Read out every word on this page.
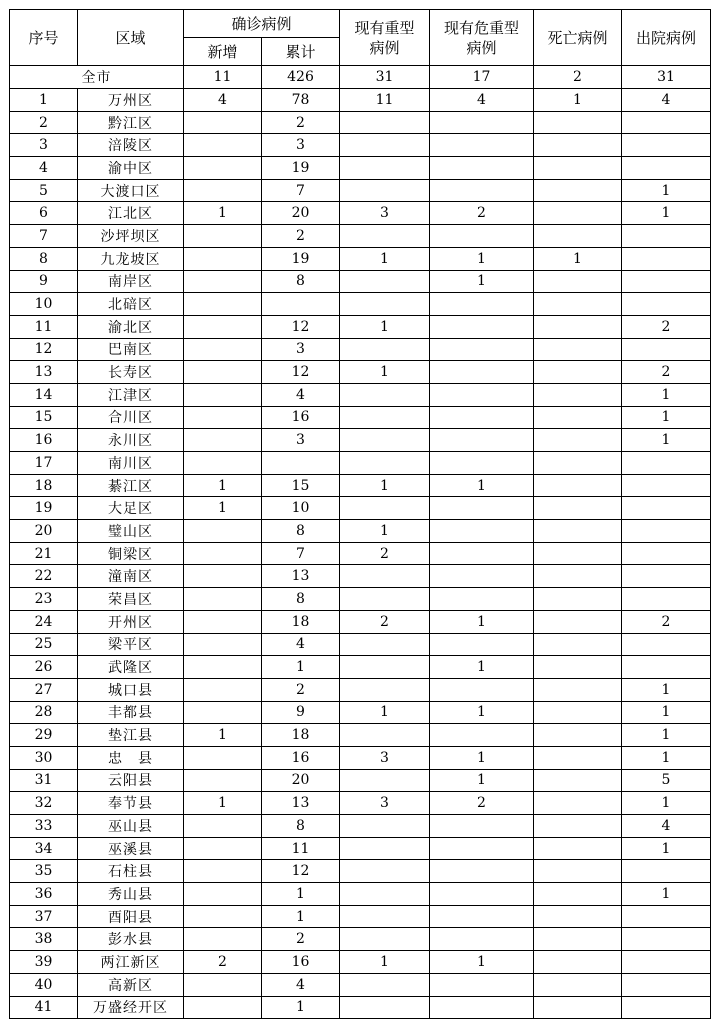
序号	区域	确诊病例		现有重型病例	现有危重型病例	死亡病例	出院病例
		新增	累计				
全市		11	426	31	17	2	31
1	万州区	4	78	11	4	1	4
2	黔江区		2				
3	涪陵区		3				
4	渝中区		19				
5	大渡口区		7				1
6	江北区	1	20	3	2		1
7	沙坪坝区		2				
8	九龙坡区		19	1	1	1	
9	南岸区		8		1		
10	北碚区						
11	渝北区		12	1			2
12	巴南区		3				
13	长寿区		12	1			2
14	江津区		4				1
15	合川区		16				1
16	永川区		3				1
17	南川区						
18	綦江区	1	15	1	1		
19	大足区	1	10				
20	璧山区		8	1			
21	铜梁区		7	2			
22	潼南区		13				
23	荣昌区		8				
24	开州区		18	2	1		2
25	梁平区		4				
26	武隆区		1		1		
27	城口县		2				1
28	丰都县		9	1	1		1
29	垫江县	1	18				1
30	忠　县		16	3	1		1
31	云阳县		20		1		5
32	奉节县	1	13	3	2		1
33	巫山县		8				4
34	巫溪县		11				1
35	石柱县		12				
36	秀山县		1				1
37	酉阳县		1				
38	彭水县		2				
39	两江新区	2	16	1	1		
40	高新区		4				
41	万盛经开区		1				
